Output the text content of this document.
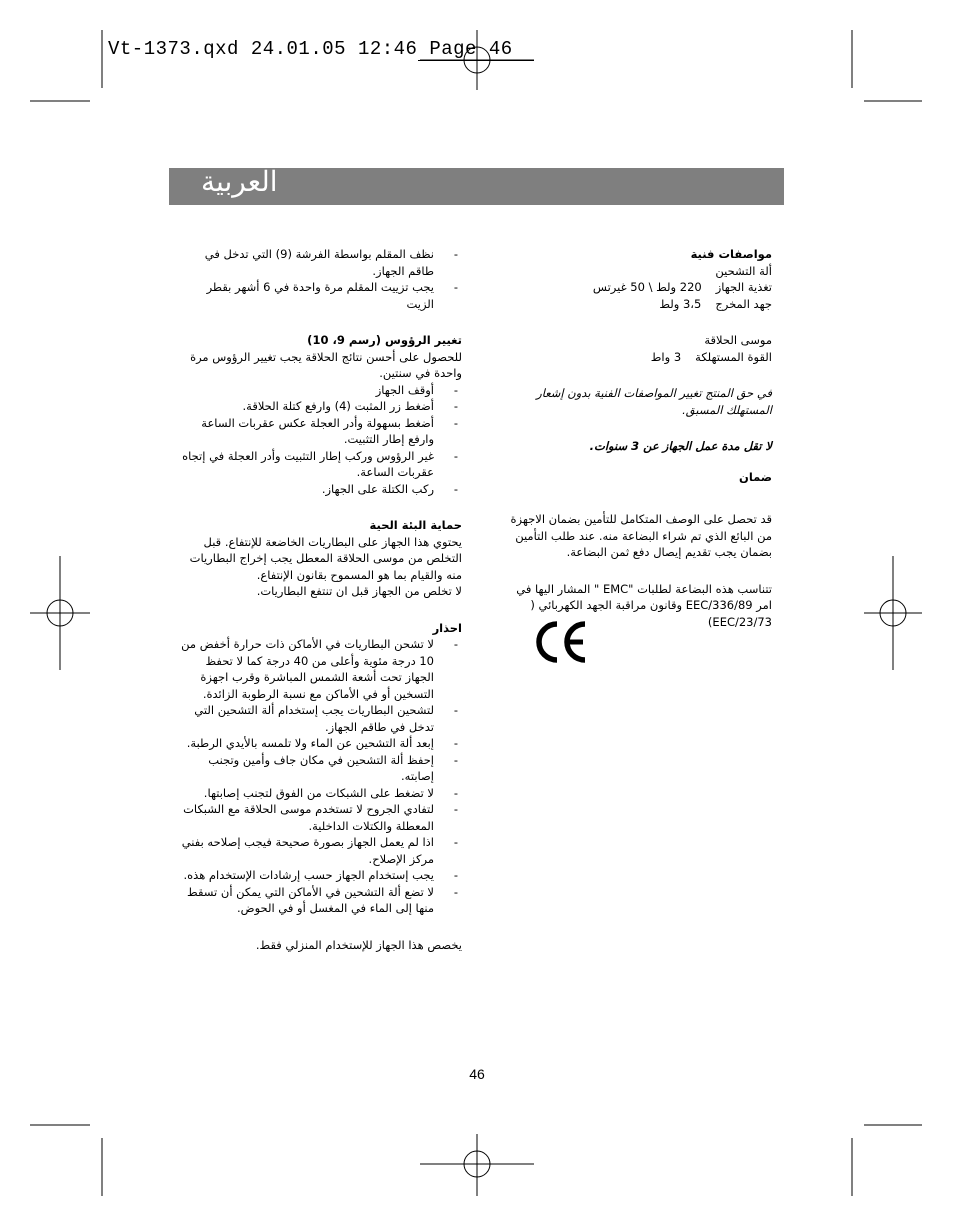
Vt-1373.qxd 24.01.05 12:46 Page 46
العربية

مواصفات فنية

ألة التشحين

تغذية الجهاز
220 ولط \ 50 غيرتس
جهد المخرج
3،5 ولط

موسى الحلاقة

القوة المستهلكة
3 واط

في حق المنتج تغيير المواصفات الفنية بدون إشعار المستهلك المسبق.

لا تقل مدة عمل الجهاز عن 3 سنوات.

ضمان

قد تحصل على الوصف المتكامل للتأمين بضمان الاجهزة من البائع الذي تم شراء البضاعة منه. عند طلب التأمين بضمان يجب تقديم إيصال دفع ثمن البضاعة.

تتناسب هذه البضاعة لطلبات "EMC " المشار اليها في امر EEC/336/89 وقانون مراقبة الجهد الكهربائي ( EEC/23/73)

- نظف المقلم بواسطة الفرشة (9) التي تدخل في طاقم الجهاز.
- يجب تزييت المقلم مرة واحدة في 6 أشهر بقطر الزيت

تغيير الرؤوس (رسم 9، 10)

للحصول على أحسن نتائج الحلاقة يجب تغيير الرؤوس مرة واحدة في سنتين.

- أوقف الجهاز
- أضغط زر المثبت (4) وارفع كتلة الحلاقة.
- أضغط بسهولة وأدر العجلة عكس عقربات الساعة وارفع إطار التثبيت.
- غير الرؤوس وركب إطار التثبيت وأدر العجلة في إتجاه عقربات الساعة.
- ركب الكتلة على الجهاز.

حماية البئة الحية

يحتوي هذا الجهاز على البطاريات الخاضعة للإنتفاع. قبل التخلص من موسى الحلاقة المعطل يجب إخراج البطاريات منه والقيام بما هو المسموح بقانون الإنتفاع.

لا تخلص من الجهاز قبل ان تنتفع البطاريات.

احذار

- لا تشحن البطاريات في الأماكن ذات حرارة أخفض من 10 درجة مئوية وأعلى من 40 درجة كما لا تحفظ الجهاز تحت أشعة الشمس المباشرة وقرب اجهزة التسخين أو في الأماكن مع نسبة الرطوبة الزائدة.
- لتشحين البطاريات يجب إستخدام ألة التشحين التي تدخل في طاقم الجهاز.
- إبعد ألة التشحين عن الماء ولا تلمسه بالأيدي الرطبة.
- إحفظ ألة التشحين في مكان جاف وأمين وتجنب إصابته.
- لا تضغط على الشبكات من الفوق لتجنب إصابتها.
- لتفادي الجروح لا تستخدم موسى الحلاقة مع الشبكات المعطلة والكتلات الداخلية.
- اذا لم يعمل الجهاز بصورة صحيحة فيجب إصلاحه بفني مركز الإصلاح.
- يجب إستخدام الجهاز حسب إرشادات الإستخدام هذه.
- لا تضع ألة التشحين في الأماكن التي يمكن أن تسقط منها إلى الماء في المغسل أو في الحوض.

يخصص هذا الجهاز للإستخدام المنزلي فقط.

46
